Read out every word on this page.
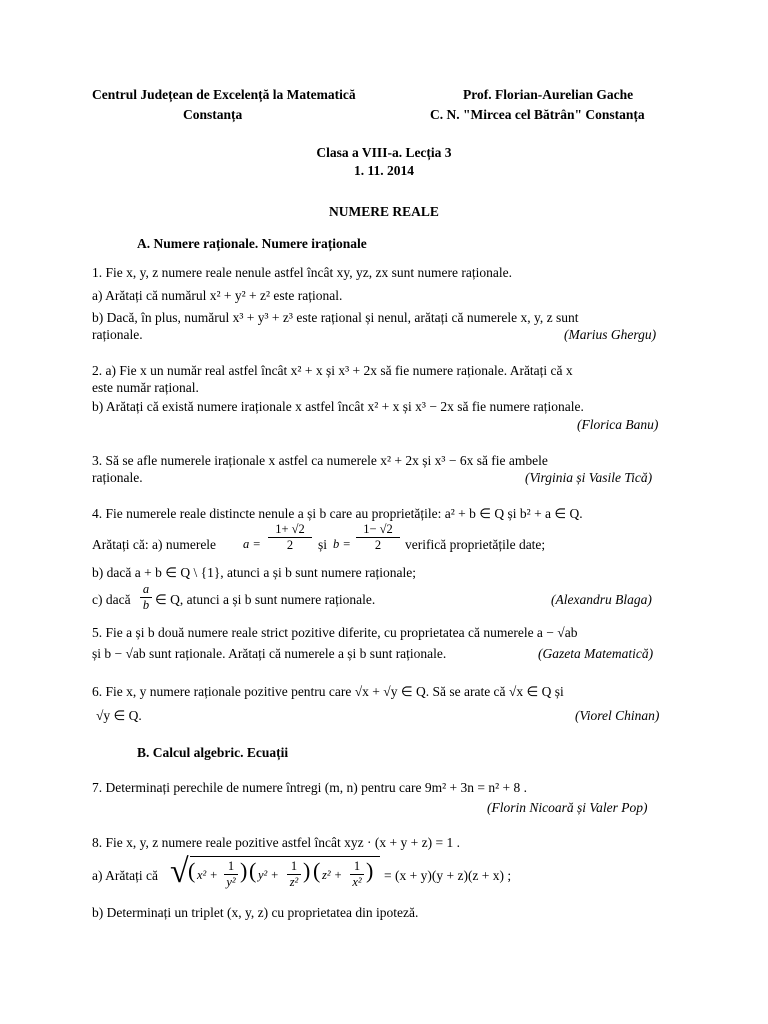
Centrul Județean de Excelență la Matematică
Constanța
Prof. Florian-Aurelian Gache
C. N. "Mircea cel Bătrân" Constanța
Clasa a VIII-a. Lecția 3
1. 11. 2014
NUMERE REALE
A. Numere raționale. Numere iraționale
1. Fie x, y, z numere reale nenule astfel încât xy, yz, zx sunt numere raționale.
a) Arătați că numărul x² + y² + z² este rațional.
b) Dacă, în plus, numărul x³ + y³ + z³ este rațional și nenul, arătați că numerele x, y, z sunt
raționale.	(Marius Ghergu)
2. a) Fie x un număr real astfel încât x² + x și x³ + 2x să fie numere raționale. Arătați că x
este număr rațional.
b) Arătați că există numere iraționale x astfel încât x² + x și x³ − 2x să fie numere raționale.
(Florica Banu)
3. Să se afle numerele iraționale x astfel ca numerele x² + 2x și x³ − 6x să fie ambele
raționale.	(Virginia și Vasile Tică)
4. Fie numerele reale distincte nenule a și b care au proprietățile: a² + b ∈ Q și b² + a ∈ Q.
Arătați că: a) numerele a =
1+ √2
2	și b =
1− √2
2	verifică proprietățile date;
b) dacă a + b ∈ Q \ {1}, atunci a și b sunt numere raționale;
c) dacă
a
b ∈ Q, atunci a și b sunt numere raționale.	(Alexandru Blaga)
5. Fie a și b două numere reale strict pozitive diferite, cu proprietatea că numerele a − √ab
și b − √ab sunt raționale. Arătați că numerele a și b sunt raționale.	(Gazeta Matematică)
6. Fie x, y numere raționale pozitive pentru care √x + √y ∈ Q. Să se arate că √x ∈ Q și
√y ∈ Q.	(Viorel Chinan)
B. Calcul algebric. Ecuații
7. Determinați perechile de numere întregi (m, n) pentru care 9m² + 3n = n² + 8 .
(Florin Nicoară și Valer Pop)
8. Fie x, y, z numere reale pozitive astfel încât xyz · (x + y + z) = 1 .
a) Arătați că √ ( x² +
1
y² ) ( y² +
1
z² ) ( z² +
1
x² ) = (x + y)(y + z)(z + x) ;
b) Determinați un triplet (x, y, z) cu proprietatea din ipoteză.
